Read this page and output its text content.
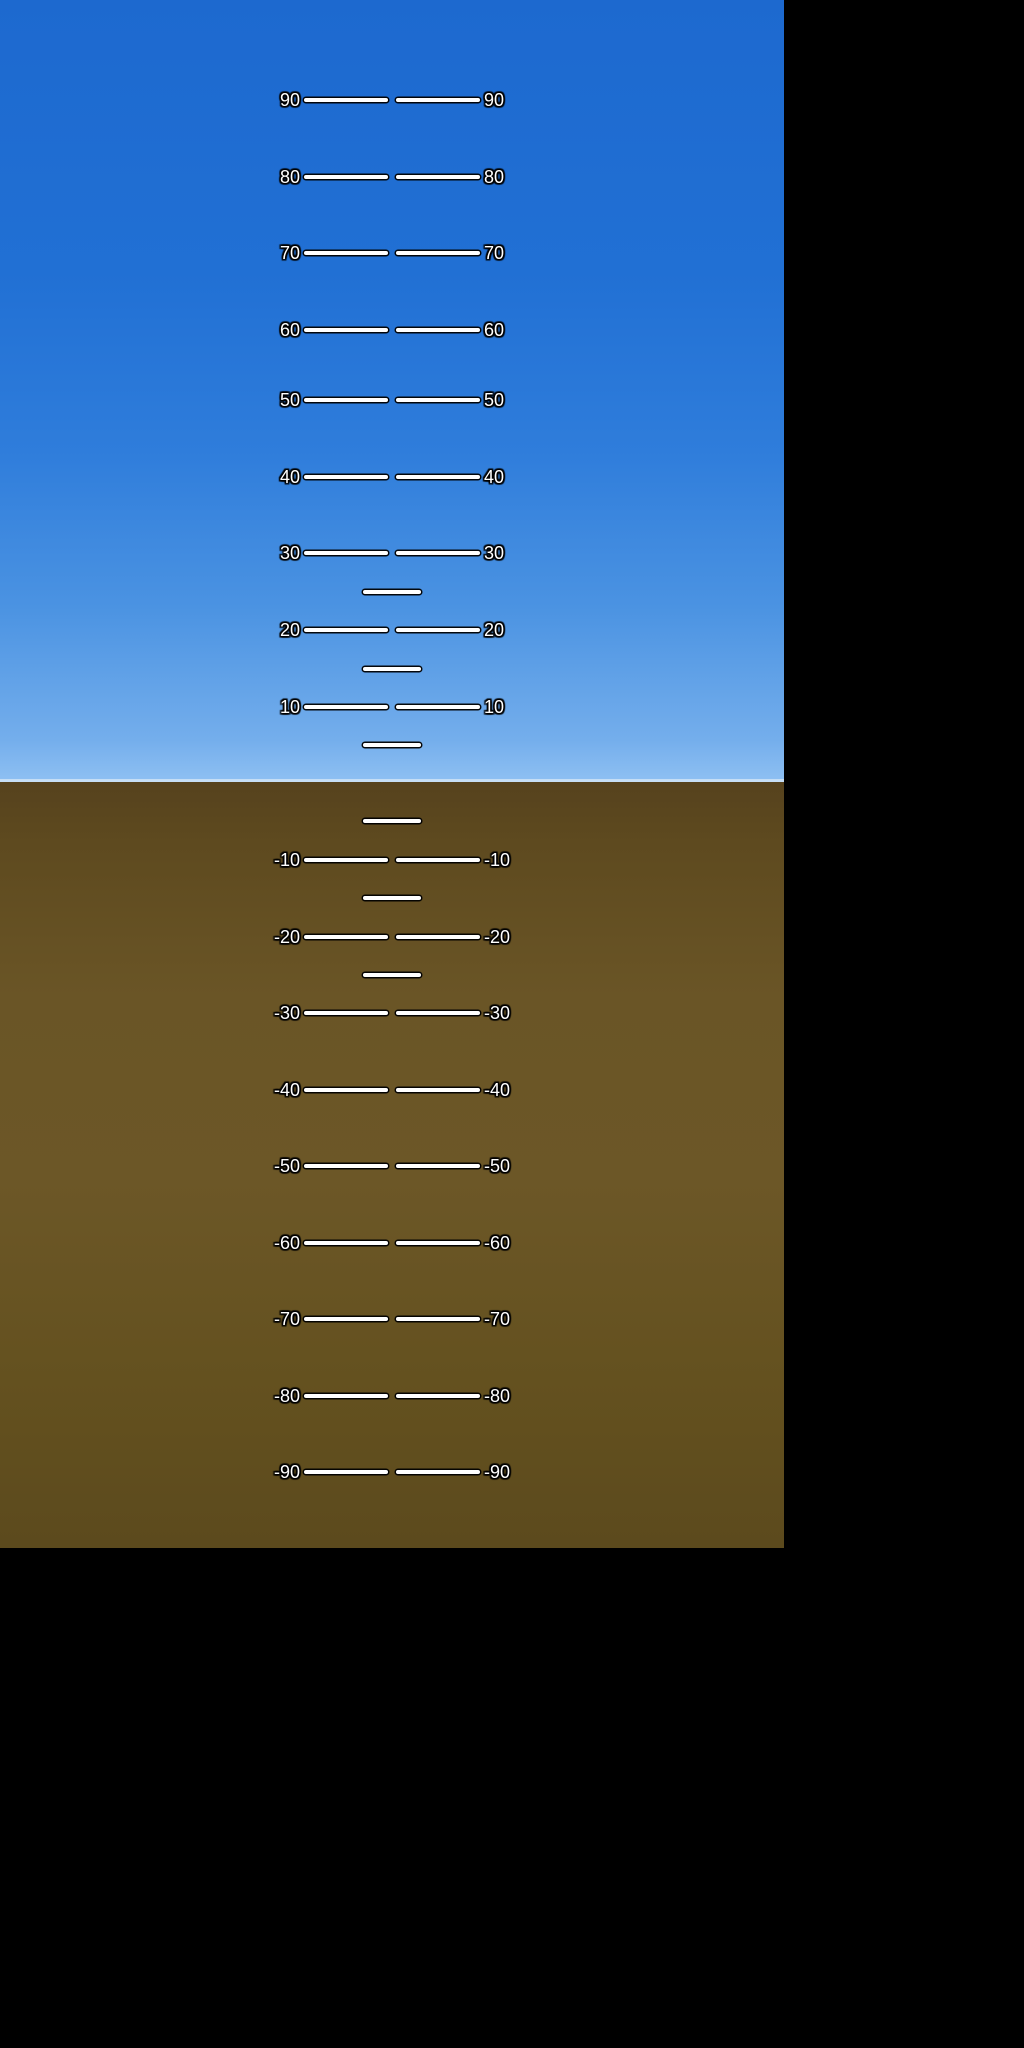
90	90
80	80
70	70
60	60
50	50
40	40
30	30
20	20
10	10
-10	-10
-20	-20
-30	-30
-40	-40
-50	-50
-60	-60
-70	-70
-80	-80
-90	-90
